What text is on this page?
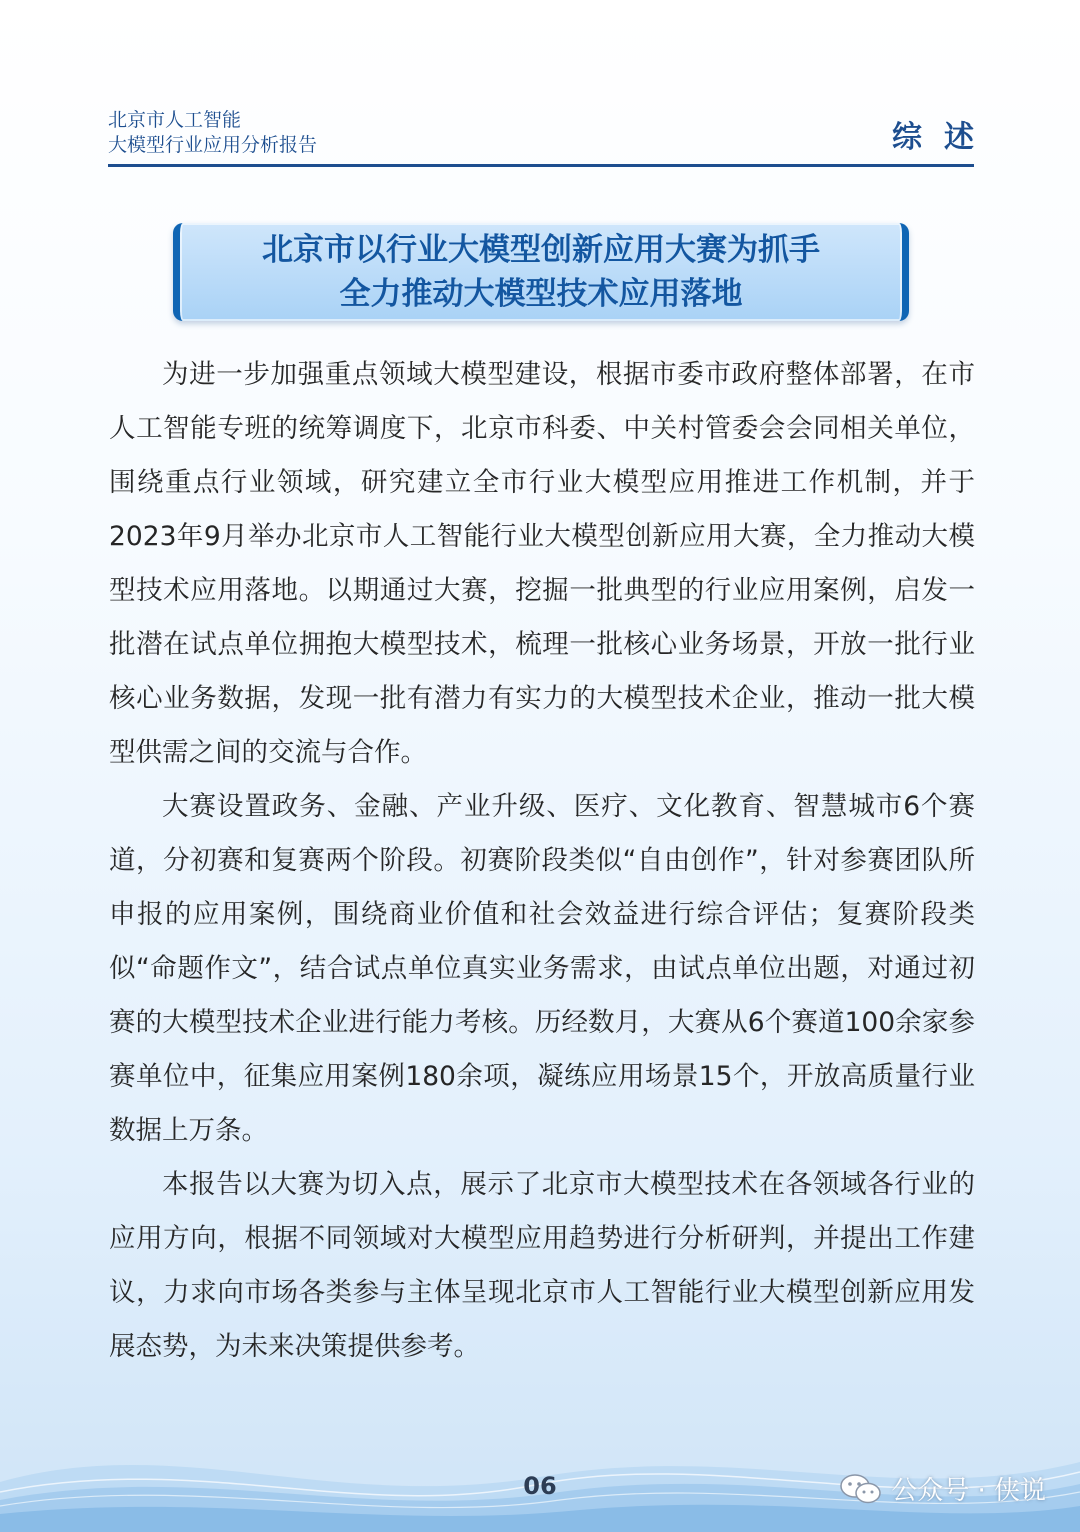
北京市人工智能
大模型行业应用分析报告	综述
北京市以行业大模型创新应用大赛为抓手
全力推动大模型技术应用落地

为进一步加强重点领域大模型建设，根据市委市政府整体部署，在市人工智能专班的统筹调度下，北京市科委、中关村管委会会同相关单位，围绕重点行业领域，研究建立全市行业大模型应用推进工作机制，并于2023年9月举办北京市人工智能行业大模型创新应用大赛，全力推动大模型技术应用落地。以期通过大赛，挖掘一批典型的行业应用案例，启发一批潜在试点单位拥抱大模型技术，梳理一批核心业务场景，开放一批行业核心业务数据，发现一批有潜力有实力的大模型技术企业，推动一批大模型供需之间的交流与合作。

大赛设置政务、金融、产业升级、医疗、文化教育、智慧城市6个赛道，分初赛和复赛两个阶段。初赛阶段类似“自由创作”，针对参赛团队所申报的应用案例，围绕商业价值和社会效益进行综合评估；复赛阶段类似“命题作文”，结合试点单位真实业务需求，由试点单位出题，对通过初赛的大模型技术企业进行能力考核。历经数月，大赛从6个赛道100余家参赛单位中，征集应用案例180余项，凝练应用场景15个，开放高质量行业数据上万条。

本报告以大赛为切入点，展示了北京市大模型技术在各领域各行业的应用方向，根据不同领域对大模型应用趋势进行分析研判，并提出工作建议，力求向市场各类参与主体呈现北京市人工智能行业大模型创新应用发展态势，为未来决策提供参考。

06	公众号 · 侠说
